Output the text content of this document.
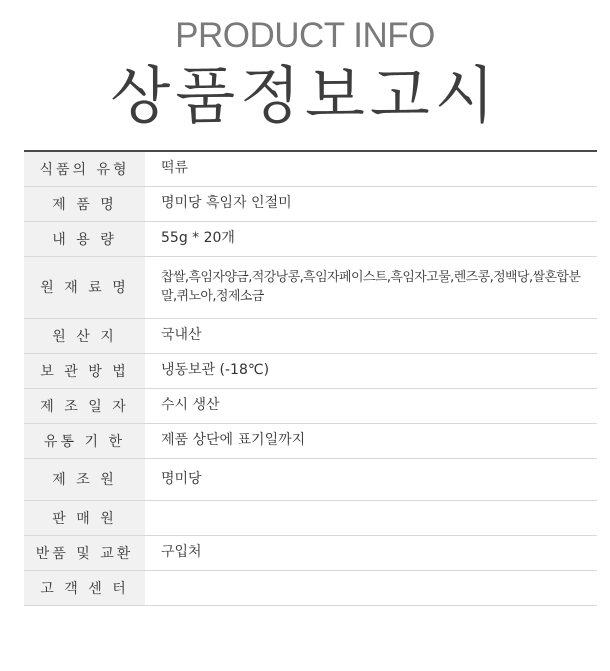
PRODUCT INFO
상품정보고시
식품의 유형	떡류
제 품 명	명미당 흑임자 인절미
내 용 량	55g * 20개
원 재 료 명	찹쌀,흑임자양금,적강낭콩,흑임자페이스트,흑임자고물,렌즈콩,정백당,쌀혼합분말,퀴노아,정제소금
원 산 지	국내산
보 관 방 법	냉동보관 (-18℃)
제 조 일 자	수시 생산
유통 기 한	제품 상단에 표기일까지
제 조 원	명미당
판 매 원	
반품 및 교환	구입처
고 객 센 터	
